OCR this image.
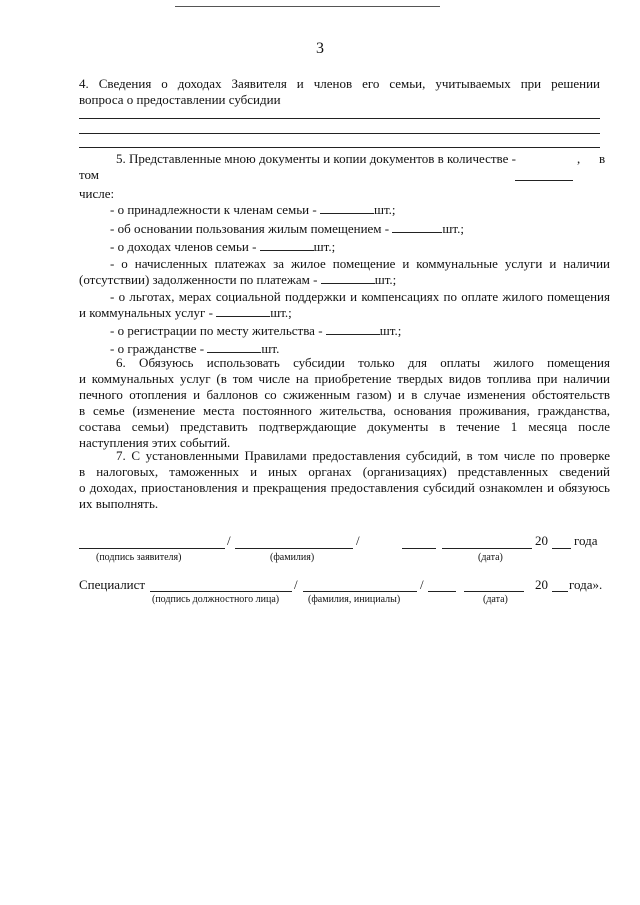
3
4. Сведения о доходах Заявителя и членов его семьи, учитываемых при решении
вопроса о предоставлении субсидии
5. Представленные мною документы и копии документов в количестве -	, в
том
числе:
- о принадлежности к членам семьи -	шт.;
- об основании пользования жилым помещением -	шт.;
- о доходах членов семьи -	шт.;
- о начисленных платежах за жилое помещение и коммунальные услуги и наличии
(отсутствии) задолженности по платежам -	шт.;
- о льготах, мерах социальной поддержки и компенсациях по оплате жилого помещения
и коммунальных услуг -	шт.;
- о регистрации по месту жительства -	шт.;
- о гражданстве -	шт.
6. Обязуюсь использовать субсидии только для оплаты жилого помещения
и коммунальных услуг (в том числе на приобретение твердых видов топлива при наличии
печного отопления и баллонов со сжиженным газом) и в случае изменения обстоятельств
в семье (изменение места постоянного жительства, основания проживания, гражданства,
состава семьи) представить подтверждающие документы в течение 1 месяца после
наступления этих событий.
7. С установленными Правилами предоставления субсидий, в том числе по проверке
в налоговых, таможенных и иных органах (организациях) представленных сведений
о доходах, приостановления и прекращения предоставления субсидий ознакомлен и обязуюсь
их выполнять.
/	/	20 года
(подпись заявителя)	(фамилия)	(дата)
Специалист	/	/	20 года».
(подпись должностного лица)	(фамилия, инициалы)	(дата)
